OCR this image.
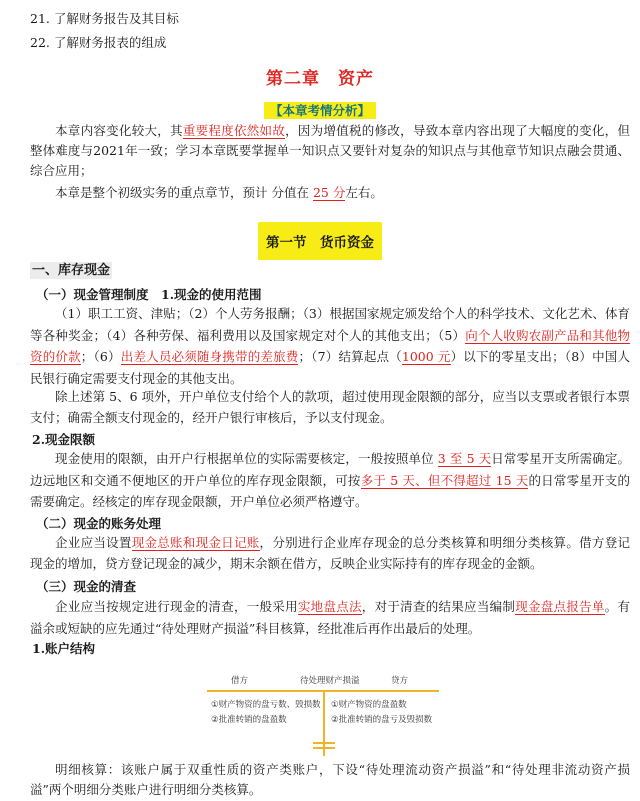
21. 了解财务报告及其目标
22. 了解财务报表的组成
第二章　资产
【本章考情分析】
本章内容变化较大，其重要程度依然如故，因为增值税的修改，导致本章内容出现了大幅度的变化，但整体难度与2021年一致；学习本章既要掌握单一知识点又要针对复杂的知识点与其他章节知识点融会贯通、综合应用；
本章是整个初级实务的重点章节，预计 分值在 25 分左右。
第一节　货币资金
一、库存现金
（一）现金管理制度　1.现金的使用范围
（1）职工工资、津贴；（2）个人劳务报酬；（3）根据国家规定颁发给个人的科学技术、文化艺术、体育等各种奖金；（4）各种劳保、福利费用以及国家规定对个人的其他支出；（5）向个人收购农副产品和其他物资的价款；（6）出差人员必须随身携带的差旅费；（7）结算起点（1000 元）以下的零星支出；（8）中国人民银行确定需要支付现金的其他支出。
除上述第 5、6 项外，开户单位支付给个人的款项，超过使用现金限额的部分，应当以支票或者银行本票支付；确需全额支付现金的，经开户银行审核后，予以支付现金。
2.现金限额
现金使用的限额，由开户行根据单位的实际需要核定，一般按照单位 3 至 5 天日常零星开支所需确定。边远地区和交通不便地区的开户单位的库存现金限额，可按多于 5 天、但不得超过 15 天的日常零星开支的需要确定。经核定的库存现金限额，开户单位必须严格遵守。
（二）现金的账务处理
企业应当设置现金总账和现金日记账，分别进行企业库存现金的总分类核算和明细分类核算。借方登记现金的增加，贷方登记现金的减少，期末余额在借方，反映企业实际持有的库存现金的金额。
（三）现金的清查
企业应当按规定进行现金的清查，一般采用实地盘点法，对于清查的结果应当编制现金盘点报告单。有溢余或短缺的应先通过“待处理财产损溢”科目核算，经批准后再作出最后的处理。
1.账户结构
借方	待处理财产损溢	贷方
①财产物资的盘亏数、毁损数
②批准转销的盘盈数
①财产物资的盘盈数
②批准转销的盘亏及毁损数
明细核算：该账户属于双重性质的资产类账户，下设“待处理流动资产损溢”和“待处理非流动资产损溢”两个明细分类账户进行明细分类核算。
